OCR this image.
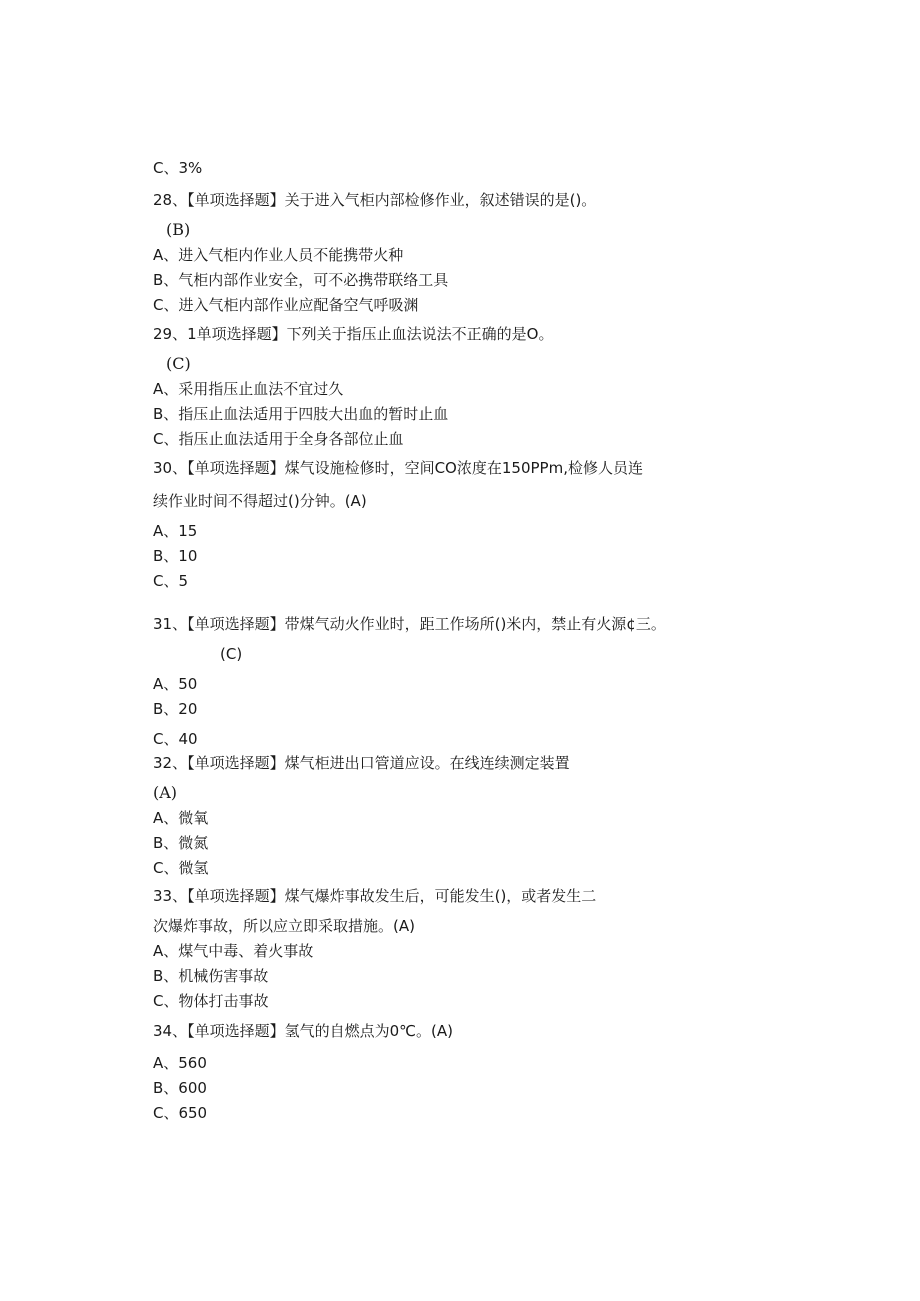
C、3%
28、【单项选择题】关于进入气柜内部检修作业，叙述错误的是()。
(B)
A、进入气柜内作业人员不能携带火种
B、气柜内部作业安全，可不必携带联络工具
C、进入气柜内部作业应配备空气呼吸渊
29、1单项选择题】下列关于指压止血法说法不正确的是O。
(C)
A、采用指压止血法不宜过久
B、指压止血法适用于四肢大出血的暂时止血
C、指压止血法适用于全身各部位止血
30、【单项选择题】煤气设施检修时，空间CO浓度在150PPm,检修人员连
续作业时间不得超过()分钟。(A)
A、15
B、10
C、5
31、【单项选择题】带煤气动火作业时，距工作场所()米内，禁止有火源¢三。
(C)
A、50
B、20
C、40
32、【单项选择题】煤气柜进出口管道应设。在线连续测定装置
(A)
A、微氧
B、微氮
C、微氢
33、【单项选择题】煤气爆炸事故发生后，可能发生()，或者发生二
次爆炸事故，所以应立即采取措施。(A)
A、煤气中毒、着火事故
B、机械伤害事故
C、物体打击事故
34、【单项选择题】氢气的自燃点为0℃。(A)
A、560
B、600
C、650
